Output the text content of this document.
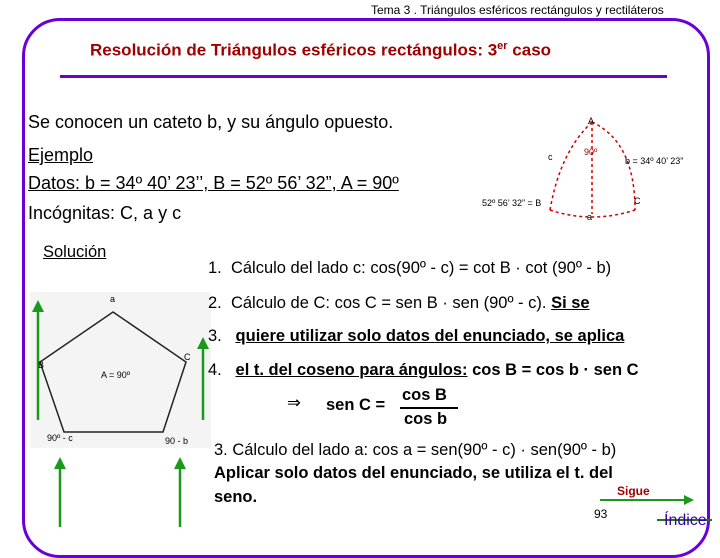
Tema 3 . Triángulos esféricos rectángulos y rectiláteros
Resolución de Triángulos esféricos rectángulos: 3er caso
Se conocen un cateto b, y su ángulo opuesto.
Ejemplo
Datos: b = 34º 40’ 23’’, B = 52º 56’ 32”, A = 90º
Incógnitas: C, a y c
A
c	90º
b = 34º 40’ 23”
52º 56’ 32” = B	C
a
Solución
a
B
C
A = 90º
90º - c	90 - b
1. Cálculo del lado c: cos(90º - c) = cot B · cot (90º - b)
2. Cálculo de C: cos C = sen B · sen (90º - c). Si se
3. quiere utilizar solo datos del enunciado, se aplica
4. el t. del coseno para ángulos: cos B = cos b · sen C
⇒ sen C =
cos B
cos b
3. Cálculo del lado a: cos a = sen(90º - c) · sen(90º - b)
Aplicar solo datos del enunciado, se utiliza el t. del
seno.
93
Sigue
Índice
